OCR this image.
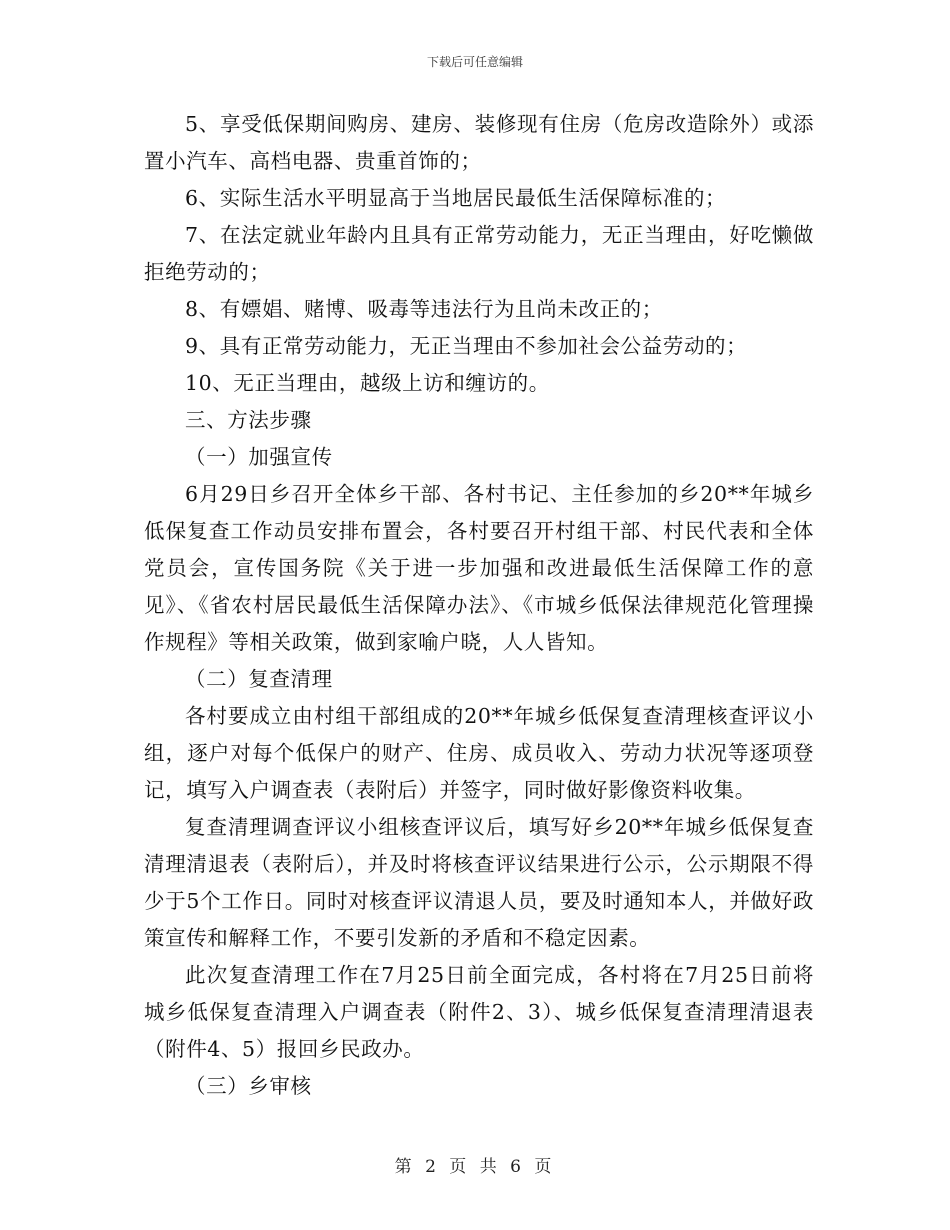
下载后可任意编辑

5、享受低保期间购房、建房、装修现有住房（危房改造除外）或添置小汽车、高档电器、贵重首饰的；

6、实际生活水平明显高于当地居民最低生活保障标准的；

7、在法定就业年龄内且具有正常劳动能力，无正当理由，好吃懒做拒绝劳动的；

8、有嫖娼、赌博、吸毒等违法行为且尚未改正的；

9、具有正常劳动能力，无正当理由不参加社会公益劳动的；

10、无正当理由，越级上访和缠访的。

三、方法步骤

（一）加强宣传

6月29日乡召开全体乡干部、各村书记、主任参加的乡20**年城乡低保复查工作动员安排布置会，各村要召开村组干部、村民代表和全体党员会，宣传国务院《关于进一步加强和改进最低生活保障工作的意见》、《省农村居民最低生活保障办法》、《市城乡低保法律规范化管理操作规程》等相关政策，做到家喻户晓，人人皆知。

（二）复查清理

各村要成立由村组干部组成的20**年城乡低保复查清理核查评议小组，逐户对每个低保户的财产、住房、成员收入、劳动力状况等逐项登记，填写入户调查表（表附后）并签字，同时做好影像资料收集。

复查清理调查评议小组核查评议后，填写好乡20**年城乡低保复查清理清退表（表附后），并及时将核查评议结果进行公示，公示期限不得少于5个工作日。同时对核查评议清退人员，要及时通知本人，并做好政策宣传和解释工作，不要引发新的矛盾和不稳定因素。

此次复查清理工作在7月25日前全面完成，各村将在7月25日前将城乡低保复查清理入户调查表（附件2、3）、城乡低保复查清理清退表（附件4、5）报回乡民政办。

（三）乡审核

第 2 页 共 6 页
